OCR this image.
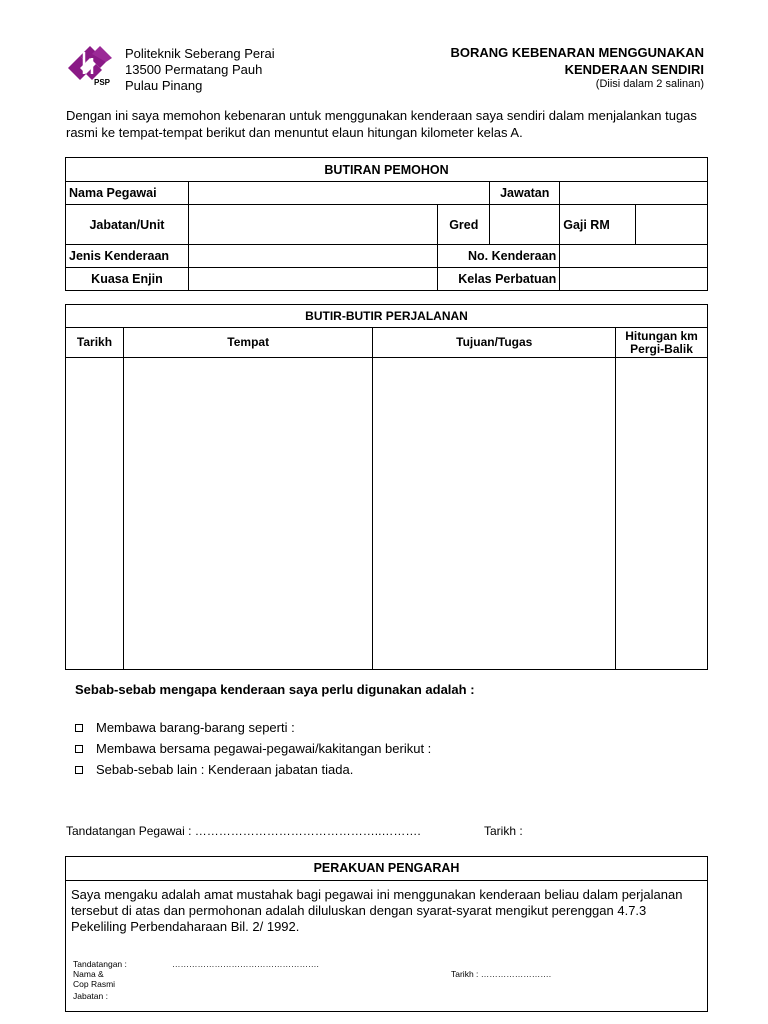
PSP
Politeknik Seberang Perai
13500 Permatang Pauh
Pulau Pinang
BORANG KEBENARAN MENGGUNAKAN
KENDERAAN SENDIRI
(Diisi dalam 2 salinan)
Dengan ini saya memohon kebenaran untuk menggunakan kenderaan saya sendiri dalam menjalankan tugas rasmi ke tempat-tempat berikut dan menuntut elaun hitungan kilometer kelas A.
BUTIRAN PEMOHON					
Nama Pegawai			Jawatan		
Jabatan/Unit		Gred		Gaji RM	
Jenis Kenderaan		No. Kenderaan			
Kuasa Enjin		Kelas Perbatuan			
BUTIR-BUTIR PERJALANAN			
Tarikh	Tempat	Tujuan/Tugas	Hitungan km
Pergi-Balik

Sebab-sebab mengapa kenderaan saya perlu digunakan adalah :
Membawa barang-barang seperti :
Membawa bersama pegawai-pegawai/kakitangan berikut :
Sebab-sebab lain : Kenderaan jabatan tiada.
Tandatangan Pegawai : ………………………………………..……….	Tarikh :
PERAKUAN PENGARAH
Saya mengaku adalah amat mustahak bagi pegawai ini menggunakan kenderaan beliau dalam perjalanan tersebut di atas dan permohonan adalah diluluskan dengan syarat-syarat mengikut perenggan 4.7.3 Pekeliling Perbendaharaan Bil. 2/ 1992.
Tandatangan :	…………………………………………….
Nama &
Cop Rasmi
Jabatan :
Tarikh : …………………….
